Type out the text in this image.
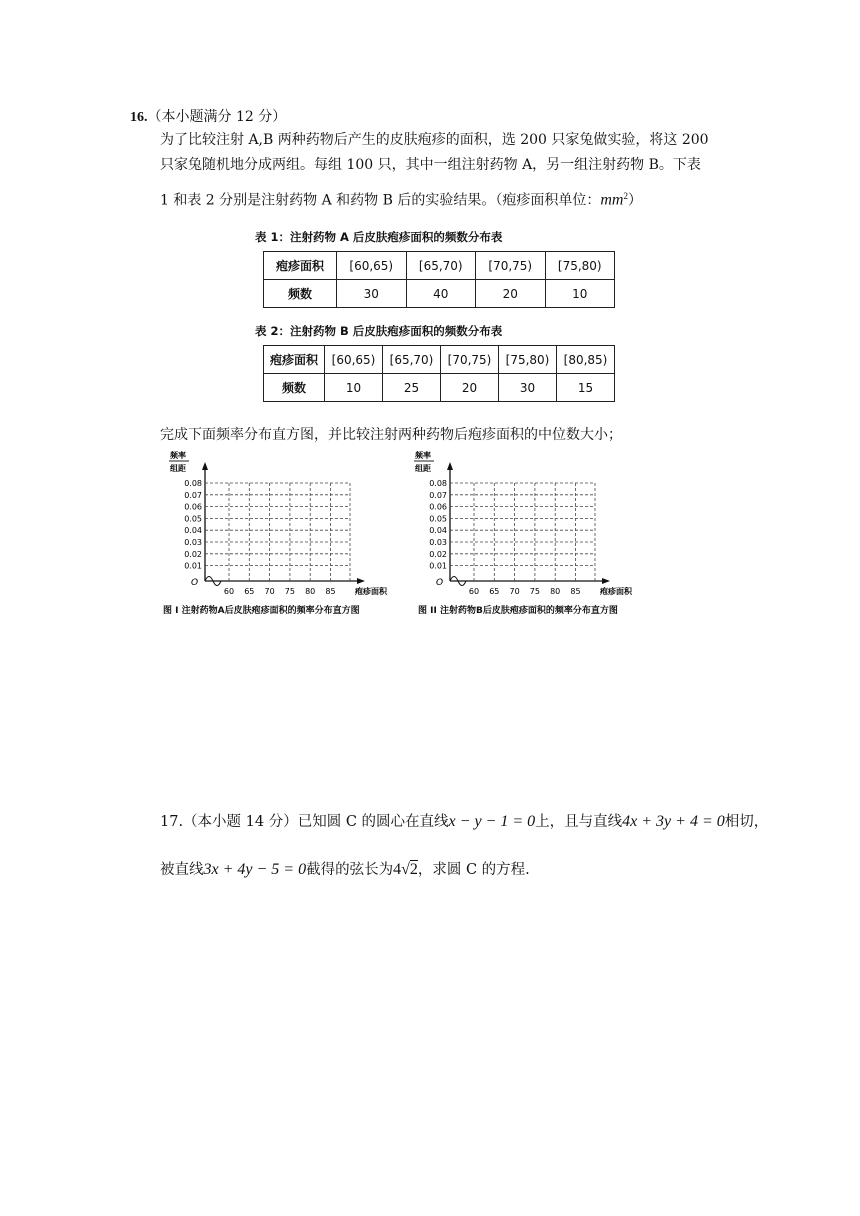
16.（本小题满分 12 分）
为了比较注射 A,B 两种药物后产生的皮肤疱疹的面积，选 200 只家兔做实验，将这 200
只家兔随机地分成两组。每组 100 只，其中一组注射药物 A，另一组注射药物 B。下表
1 和表 2 分别是注射药物 A 和药物 B 后的实验结果。（疱疹面积单位：$mm^2$）
表 1：注射药物 A 后皮肤疱疹面积的频数分布表
疱疹面积	[60,65)	[65,70)	[70,75)	[75,80)
频数	30	40	20	10
表 2：注射药物 B 后皮肤疱疹面积的频数分布表
疱疹面积	[60,65)	[65,70)	[70,75)	[75,80)	[80,85)
频数	10	25	20	30	15
完成下面频率分布直方图，并比较注射两种药物后疱疹面积的中位数大小；
频率
组距
O
0.08
0.07
0.06
0.05
0.04
0.03
0.02
0.01
60 65 70 75 80 85 疱疹面积
图 I 注射药物A后皮肤疱疹面积的频率分布直方图
频率
组距
O
0.08
0.07
0.06
0.05
0.04
0.03
0.02
0.01
60 65 70 75 80 85 疱疹面积
图 II 注射药物B后皮肤疱疹面积的频率分布直方图
17.（本小题 14 分）已知圆 C 的圆心在直线x − y − 1 = 0上，且与直线4x + 3y + 4 = 0相切，
被直线3x + 4y − 5 = 0截得的弦长为4√2，求圆 C 的方程.
